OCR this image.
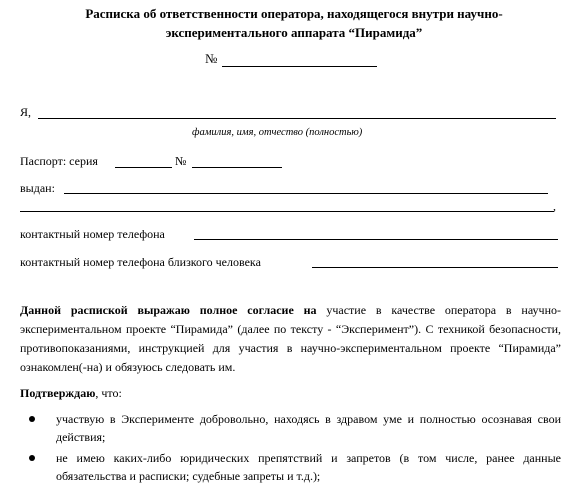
Расписка об ответственности оператора, находящегося внутри научно-
экспериментального аппарата “Пирамида”
№
Я,
фамилия, имя, отчество (полностью)
Паспорт: серия	№
выдан:
,
контактный номер телефона
контактный номер телефона близкого человека
Данной распиской выражаю полное согласие на участие в качестве оператора в научно-экспериментальном проекте “Пирамида” (далее по тексту - “Эксперимент”). С техникой безопасности, противопоказаниями, инструкцией для участия в научно-экспериментальном проекте “Пирамида” ознакомлен(-на) и обязуюсь следовать им.
Подтверждаю, что:
участвую в Эксперименте добровольно, находясь в здравом уме и полностью осознавая свои действия;
не имею каких-либо юридических препятствий и запретов (в том числе, ранее данные обязательства и расписки; судебные запреты и т.д.);
